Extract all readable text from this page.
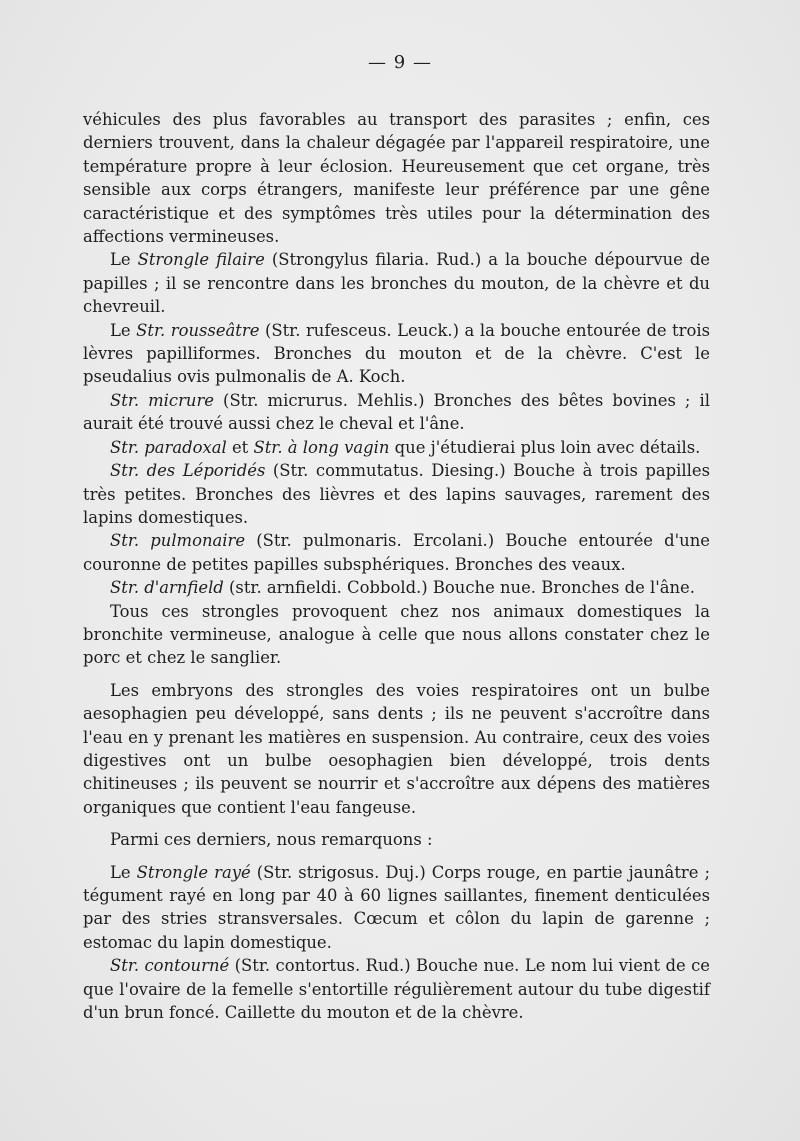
— 9 —

véhicules des plus favorables au transport des parasites ; enfin, ces derniers trouvent, dans la chaleur dégagée par l'appareil respiratoire, une température propre à leur éclosion. Heureusement que cet organe, très sensible aux corps étrangers, manifeste leur préférence par une gêne caractéristique et des symptômes très utiles pour la détermination des affections vermineuses.

Le Strongle filaire (Strongylus filaria. Rud.) a la bouche dépourvue de papilles ; il se rencontre dans les bronches du mouton, de la chèvre et du chevreuil.

Le Str. rousseâtre (Str. rufesceus. Leuck.) a la bouche entourée de trois lèvres papilliformes. Bronches du mouton et de la chèvre. C'est le pseudalius ovis pulmonalis de A. Koch.

Str. micrure (Str. micrurus. Mehlis.) Bronches des bêtes bovines ; il aurait été trouvé aussi chez le cheval et l'âne.

Str. paradoxal et Str. à long vagin que j'étudierai plus loin avec détails.

Str. des Léporidés (Str. commutatus. Diesing.) Bouche à trois papilles très petites. Bronches des lièvres et des lapins sauvages, rarement des lapins domestiques.

Str. pulmonaire (Str. pulmonaris. Ercolani.) Bouche entourée d'une couronne de petites papilles subsphériques. Bronches des veaux.

Str. d'arnfield (str. arnfieldi. Cobbold.) Bouche nue. Bronches de l'âne.

Tous ces strongles provoquent chez nos animaux domestiques la bronchite vermineuse, analogue à celle que nous allons constater chez le porc et chez le sanglier.

Les embryons des strongles des voies respiratoires ont un bulbe aesophagien peu développé, sans dents ; ils ne peuvent s'accroître dans l'eau en y prenant les matières en suspension. Au contraire, ceux des voies digestives ont un bulbe oesophagien bien développé, trois dents chitineuses ; ils peuvent se nourrir et s'accroître aux dépens des matières organiques que contient l'eau fangeuse.

Parmi ces derniers, nous remarquons :

Le Strongle rayé (Str. strigosus. Duj.) Corps rouge, en partie jaunâtre ; tégument rayé en long par 40 à 60 lignes saillantes, finement denticulées par des stries stransversales. Cœcum et côlon du lapin de garenne ; estomac du lapin domestique.

Str. contourné (Str. contortus. Rud.) Bouche nue. Le nom lui vient de ce que l'ovaire de la femelle s'entortille régulièrement autour du tube digestif d'un brun foncé. Caillette du mouton et de la chèvre.
